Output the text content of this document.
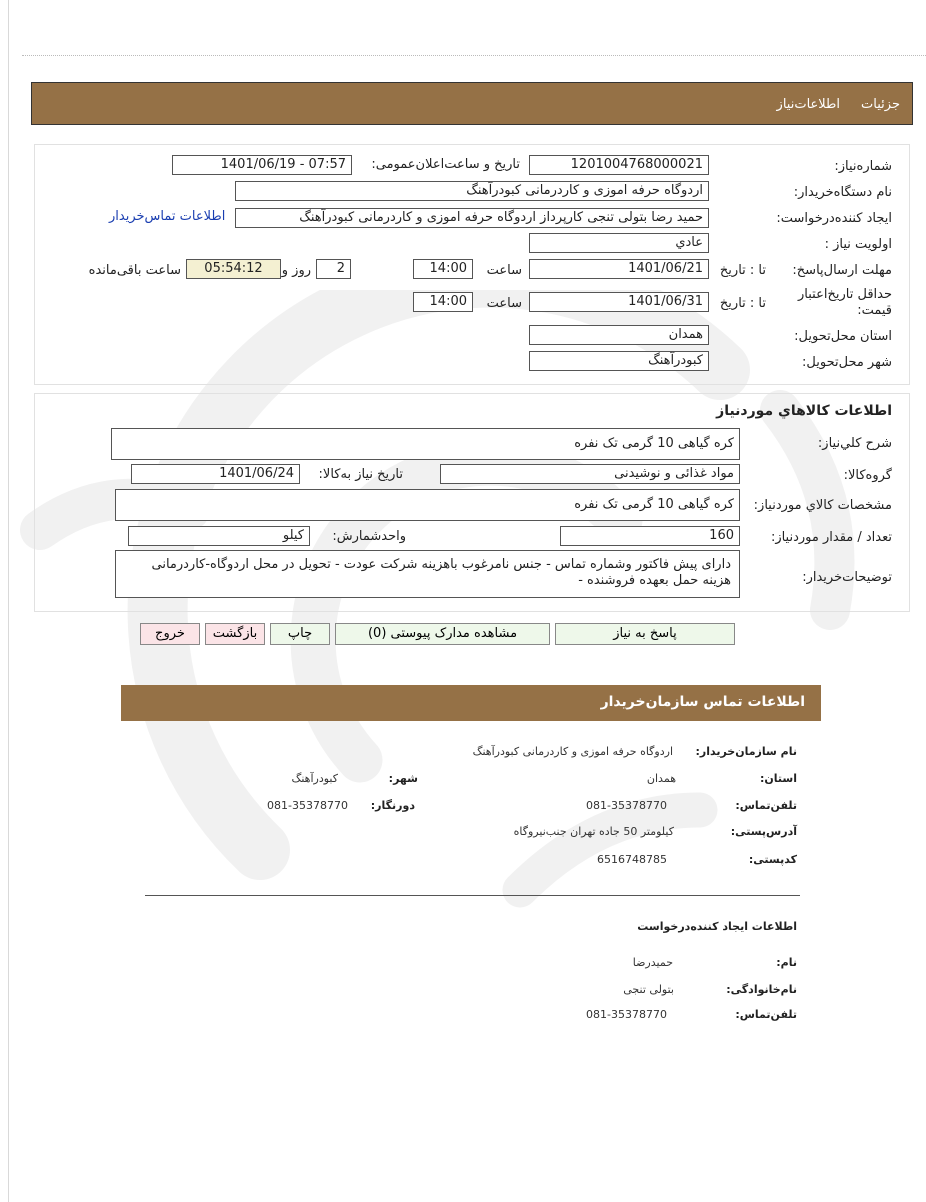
جزئیات
اطلاعات‌نیاز
شماره‌نیاز:
1201004768000021
تاریخ و ساعت‌اعلان‌عمومی:
1401/06/19 - 07:57
نام دستگاه‌خریدار:
اردوگاه حرفه اموزی و کاردرمانی کبودرآهنگ
ایجاد کننده‌درخواست:
حمید رضا بتولی تنجی کارپرداز اردوگاه حرفه اموزی و کاردرمانی کبودرآهنگ
اطلاعات تماس‌خریدار
اولویت نیاز :
عادي
مهلت ارسال‌پاسخ:
تا : تاریخ
1401/06/21
ساعت
14:00
2
روز و
05:54:12
ساعت باقی‌مانده
حداقل تاریخ‌اعتبار قیمت:
تا : تاریخ
1401/06/31
ساعت
14:00
استان محل‌تحویل:
همدان
شهر محل‌تحویل:
کبودرآهنگ
اطلاعات کالاهاي موردنیاز
شرح کلي‌نیاز:
کره گیاهی 10 گرمی تک نفره
گروه‌کالا:
مواد غذائی و نوشیدنی
تاریخ نیاز به‌کالا:
1401/06/24
مشخصات کالاي مورد‌نیاز:
کره گیاهی 10 گرمی تک نفره
تعداد / مقدار مورد‌نیاز:
160
واحد‌شمارش:
کیلو
توضیحات‌خریدار:
دارای پیش فاکتور وشماره تماس - جنس نامرغوب باهزینه شرکت عودت - تحویل در محل اردوگاه-کاردرمانی هزینه حمل بعهده فروشنده -
پاسخ به نیاز
مشاهده مدارک پیوستی (0)
چاپ
بازگشت
خروج
اطلاعات تماس سازمان‌خریدار
نام سازمان‌خریدار:
اردوگاه حرفه اموزی و کاردرمانی کبودرآهنگ
استان:
همدان
شهر:
کبودرآهنگ
تلفن‌تماس:
081-35378770
دورنگار:
081-35378770
آدرس‌پستی:
کیلومتر 50 جاده تهران جنب‌نیروگاه
کد‌پستی:
6516748785
اطلاعات ایجاد کننده‌درخواست
نام:
حمیدرضا
نام‌خانوادگی:
بتولی تنجی
تلفن‌تماس:
081-35378770
